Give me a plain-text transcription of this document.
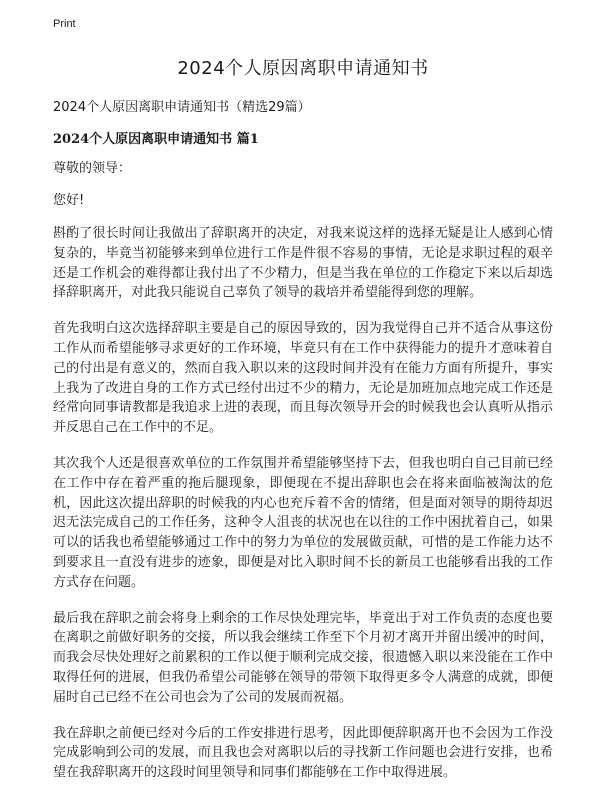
Print
2024个人原因离职申请通知书
2024个人原因离职申请通知书（精选29篇）
2024个人原因离职申请通知书 篇1
尊敬的领导：
您好!

斟酌了很长时间让我做出了辞职离开的决定，对我来说这样的选择无疑是让人感到心情复杂的，毕竟当初能够来到单位进行工作是件很不容易的事情，无论是求职过程的艰辛还是工作机会的难得都让我付出了不少精力，但是当我在单位的工作稳定下来以后却选择辞职离开，对此我只能说自己辜负了领导的栽培并希望能得到您的理解。

首先我明白这次选择辞职主要是自己的原因导致的，因为我觉得自己并不适合从事这份工作从而希望能够寻求更好的工作环境，毕竟只有在工作中获得能力的提升才意味着自己的付出是有意义的，然而自我入职以来的这段时间并没有在能力方面有所提升，事实上我为了改进自身的工作方式已经付出过不少的精力，无论是加班加点地完成工作还是经常向同事请教都是我追求上进的表现，而且每次领导开会的时候我也会认真听从指示并反思自己在工作中的不足。

其次我个人还是很喜欢单位的工作氛围并希望能够坚持下去，但我也明白自己目前已经在工作中存在着严重的拖后腿现象，即便现在不提出辞职也会在将来面临被淘汰的危机，因此这次提出辞职的时候我的内心也充斥着不舍的情绪，但是面对领导的期待却迟迟无法完成自己的工作任务，这种令人沮丧的状况也在以往的工作中困扰着自己，如果可以的话我也希望能够通过工作中的努力为单位的发展做贡献，可惜的是工作能力达不到要求且一直没有进步的迹象，即便是对比入职时间不长的新员工也能够看出我的工作方式存在问题。

最后我在辞职之前会将身上剩余的工作尽快处理完毕，毕竟出于对工作负责的态度也要在离职之前做好职务的交接，所以我会继续工作至下个月初才离开并留出缓冲的时间，而我会尽快处理好之前累积的工作以便于顺利完成交接，很遗憾入职以来没能在工作中取得任何的进展，但我仍希望公司能够在领导的带领下取得更多令人满意的成就，即便届时自己已经不在公司也会为了公司的发展而祝福。

我在辞职之前便已经对今后的工作安排进行思考，因此即便辞职离开也不会因为工作没完成影响到公司的发展，而且我也会对离职以后的寻找新工作问题也会进行安排，也希望在我辞职离开的这段时间里领导和同事们都能够在工作中取得进展。
